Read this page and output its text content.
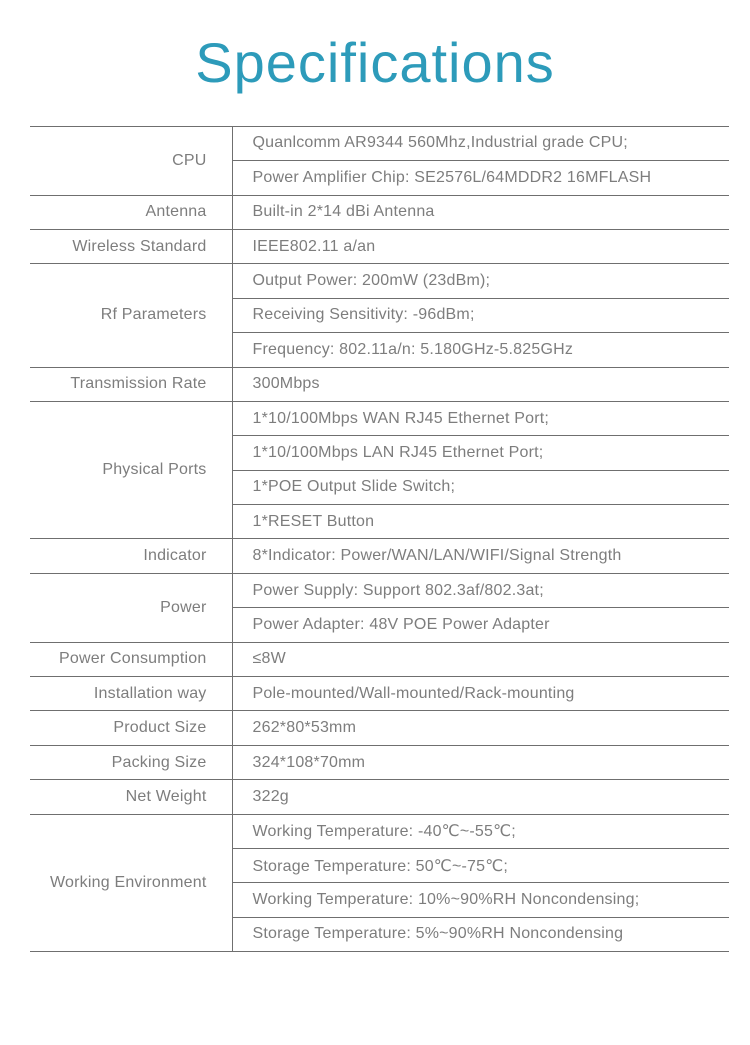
Specifications
CPU	Quanlcomm AR9344 560Mhz,Industrial grade CPU;
	Power Amplifier Chip: SE2576L/64MDDR2 16MFLASH
Antenna	Built-in 2*14 dBi Antenna
Wireless Standard	IEEE802.11 a/an
Rf Parameters	Output Power: 200mW (23dBm);
	Receiving Sensitivity: -96dBm;
	Frequency: 802.11a/n: 5.180GHz-5.825GHz
Transmission Rate	300Mbps
Physical Ports	1*10/100Mbps WAN RJ45 Ethernet Port;
	1*10/100Mbps LAN RJ45 Ethernet Port;
	1*POE Output Slide Switch;
	1*RESET Button
Indicator	8*Indicator: Power/WAN/LAN/WIFI/Signal Strength
Power	Power Supply: Support 802.3af/802.3at;
	Power Adapter: 48V POE Power Adapter
Power Consumption	≤8W
Installation way	Pole-mounted/Wall-mounted/Rack-mounting
Product Size	262*80*53mm
Packing Size	324*108*70mm
Net Weight	322g
Working Environment	Working Temperature: -40℃~-55℃;
	Storage Temperature: 50℃~-75℃;
	Working Temperature: 10%~90%RH Noncondensing;
	Storage Temperature: 5%~90%RH Noncondensing
